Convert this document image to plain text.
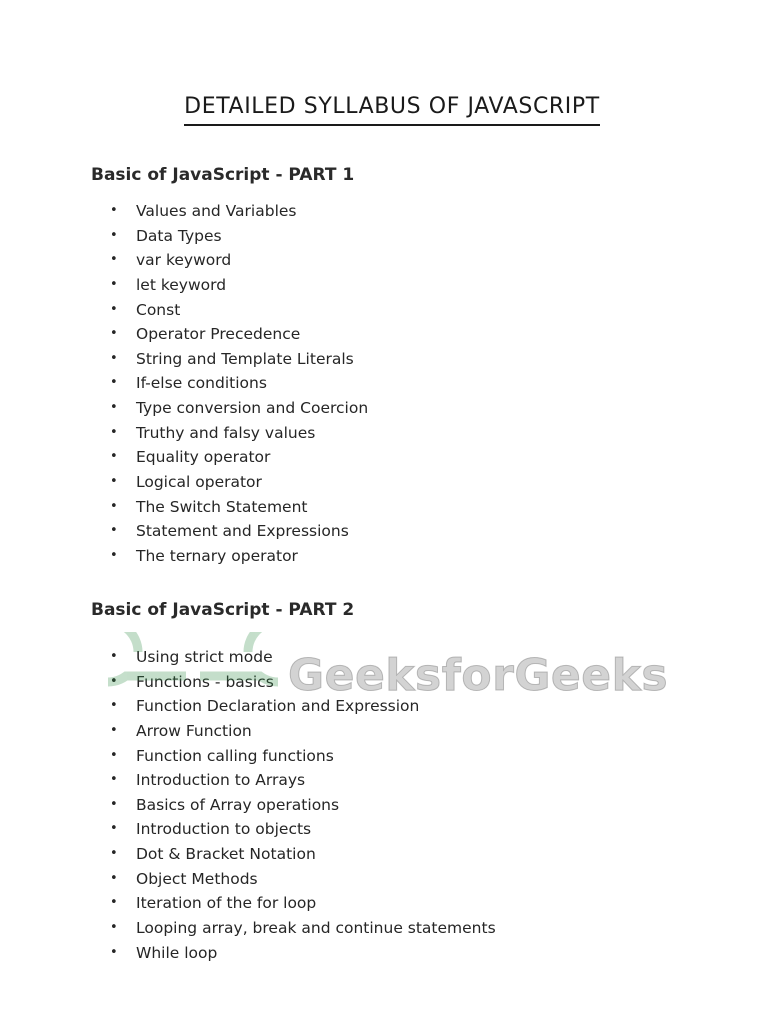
DETAILED SYLLABUS OF JAVASCRIPT
Basic of JavaScript - PART 1
•	Values and Variables
•	Data Types
•	var keyword
•	let keyword
•	Const
•	Operator Precedence
•	String and Template Literals
•	If-else conditions
•	Type conversion and Coercion
•	Truthy and falsy values
•	Equality operator
•	Logical operator
•	The Switch Statement
•	Statement and Expressions
•	The ternary operator
Basic of JavaScript - PART 2
•	Using strict mode
•	Functions - basics
•	Function Declaration and Expression
•	Arrow Function
•	Function calling functions
•	Introduction to Arrays
•	Basics of Array operations
•	Introduction to objects
•	Dot & Bracket Notation
•	Object Methods
•	Iteration of the for loop
•	Looping array, break and continue statements
•	While loop
GeeksforGeeks
